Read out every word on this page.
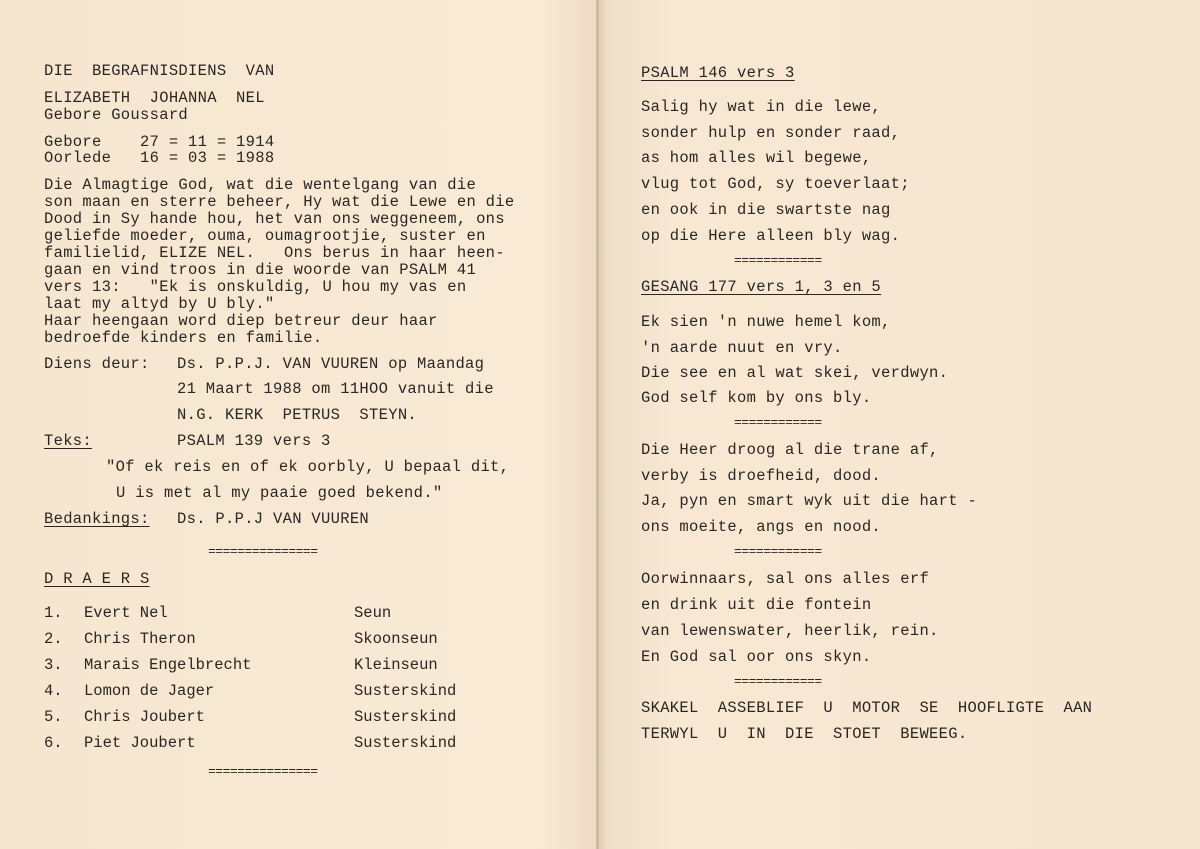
DIE  BEGRAFNISDIENS  VAN
ELIZABETH  JOHANNA  NEL
Gebore Goussard
Gebore    27 = 11 = 1914
Oorlede   16 = 03 = 1988
Die Almagtige God, wat die wentelgang van die
son maan en sterre beheer, Hy wat die Lewe en die
Dood in Sy hande hou, het van ons weggeneem, ons
geliefde moeder, ouma, oumagrootjie, suster en
familielid, ELIZE NEL.   Ons berus in haar heen-
gaan en vind troos in die woorde van PSALM 41
vers 13:   "Ek is onskuldig, U hou my vas en
laat my altyd by U bly."
Haar heengaan word diep betreur deur haar
bedroefde kinders en familie.
Diens deur: Ds. P.P.J. VAN VUUREN op Maandag
21 Maart 1988 om 11HOO vanuit die
N.G. KERK  PETRUS  STEYN.
Teks:	PSALM 139 vers 3
"Of ek reis en of ek oorbly, U bepaal dit,
U is met al my paaie goed bekend."
Bedankings: Ds. P.P.J VAN VUUREN
===============
D R A E R S
1. Evert Nel	Seun
2. Chris Theron	Skoonseun
3. Marais Engelbrecht	Kleinseun
4. Lomon de Jager	Susterskind
5. Chris Joubert	Susterskind
6. Piet Joubert	Susterskind
===============
PSALM 146 vers 3
Salig hy wat in die lewe,
sonder hulp en sonder raad,
as hom alles wil begewe,
vlug tot God, sy toeverlaat;
en ook in die swartste nag
op die Here alleen bly wag.
============
GESANG 177 vers 1, 3 en 5
Ek sien 'n nuwe hemel kom,
'n aarde nuut en vry.
Die see en al wat skei, verdwyn.
God self kom by ons bly.
============
Die Heer droog al die trane af,
verby is droefheid, dood.
Ja, pyn en smart wyk uit die hart -
ons moeite, angs en nood.
============
Oorwinnaars, sal ons alles erf
en drink uit die fontein
van lewenswater, heerlik, rein.
En God sal oor ons skyn.
============
SKAKEL  ASSEBLIEF  U  MOTOR  SE  HOOFLIGTE  AAN
TERWYL  U  IN  DIE  STOET  BEWEEG.
